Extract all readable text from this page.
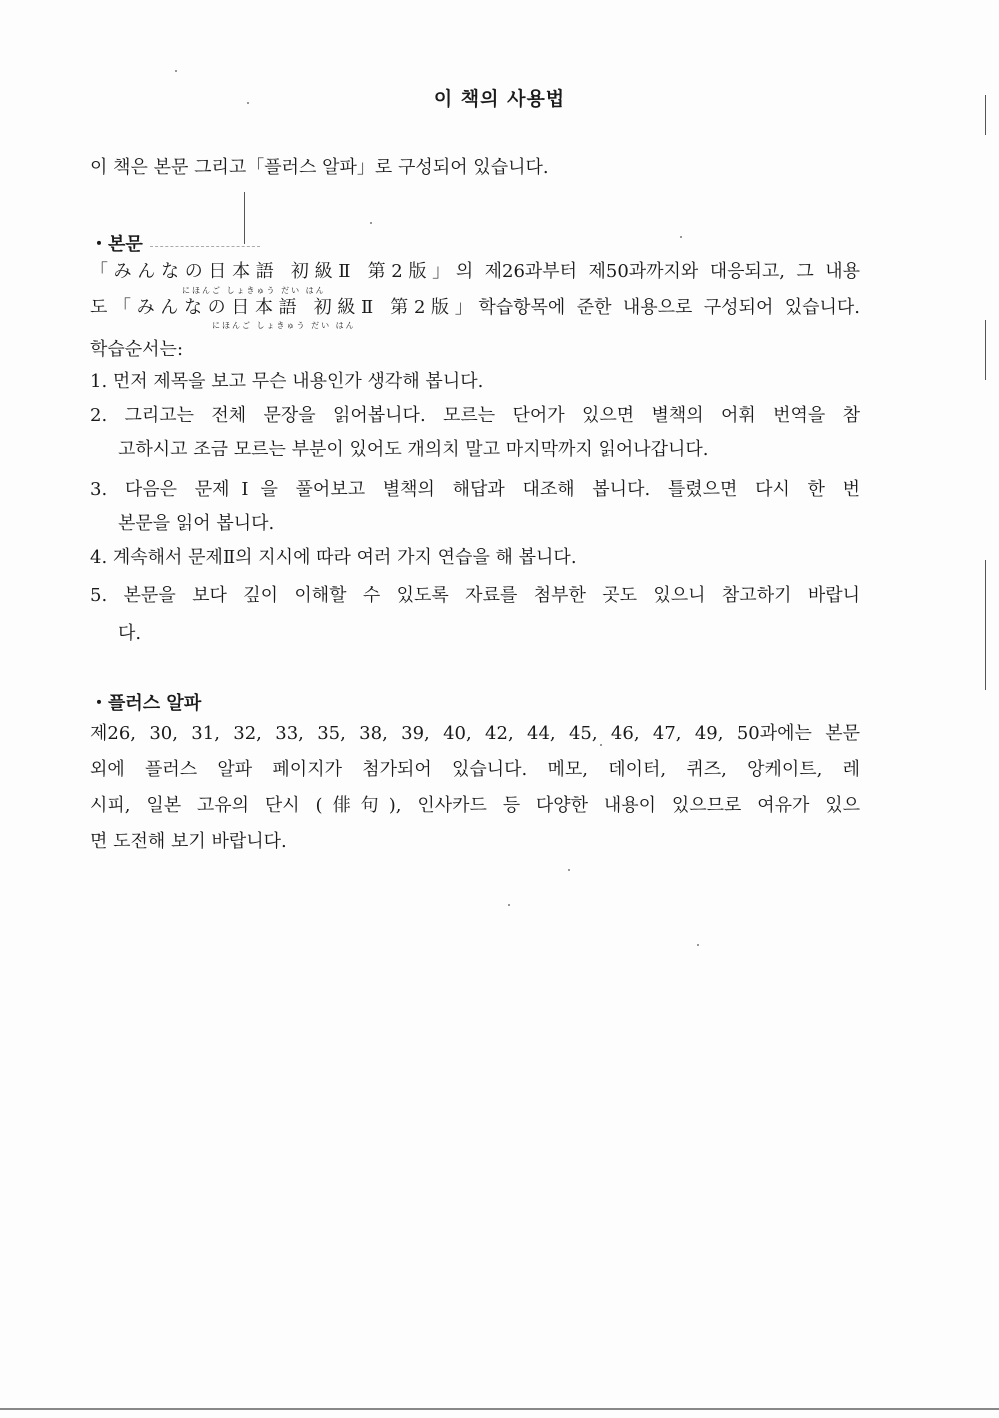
이 책의 사용법
이 책은 본문 그리고「플러스 알파」로 구성되어 있습니다.
・본문
「みんなの日本語 初級Ⅱ 第2版」의 제26과부터 제50과까지와 대응되고, 그 내용
にほんご しょきゅう だい はん
도「みんなの日本語 初級Ⅱ 第2版」학습항목에 준한 내용으로 구성되어 있습니다.
にほんご しょきゅう だい はん
학습순서는:
1. 먼저 제목을 보고 무슨 내용인가 생각해 봅니다.
2. 그리고는 전체 문장을 읽어봅니다. 모르는 단어가 있으면 별책의 어휘 번역을 참
고하시고 조금 모르는 부분이 있어도 개의치 말고 마지막까지 읽어나갑니다.
3. 다음은 문제Ⅰ을 풀어보고 별책의 해답과 대조해 봅니다. 틀렸으면 다시 한 번
본문을 읽어 봅니다.
4. 계속해서 문제Ⅱ의 지시에 따라 여러 가지 연습을 해 봅니다.
5. 본문을 보다 깊이 이해할 수 있도록 자료를 첨부한 곳도 있으니 참고하기 바랍니
다.
・플러스 알파
제26, 30, 31, 32, 33, 35, 38, 39, 40, 42, 44, 45, 46, 47, 49, 50과에는 본문
외에 플러스 알파 페이지가 첨가되어 있습니다. 메모, 데이터, 퀴즈, 앙케이트, 레
시피, 일본 고유의 단시 (俳句), 인사카드 등 다양한 내용이 있으므로 여유가 있으
면 도전해 보기 바랍니다.
